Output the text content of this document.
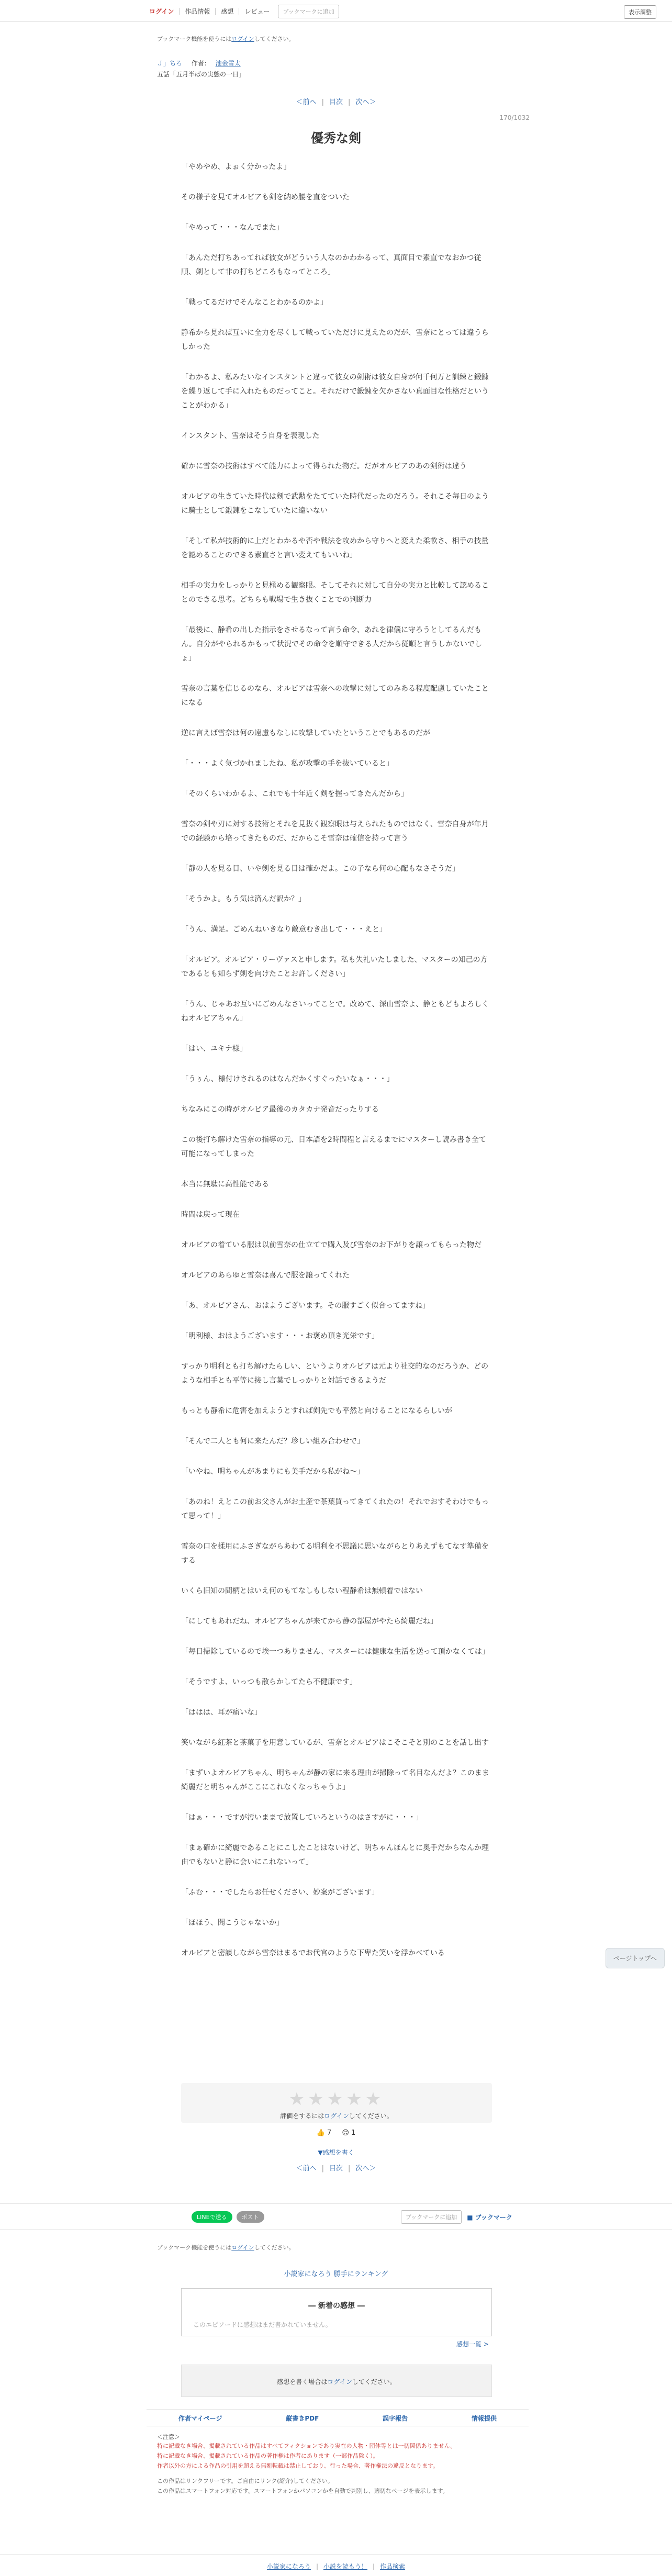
ログイン	作品情報	感想	レビュー	ブックマークに追加	表示調整
ブックマーク機能を使うにはログインしてください。
Ｊ」ちろ 作者： 池金雪太
五話「五月半ばの実態の一日」
＜前へ | 目次 | 次へ＞
170/1032
優秀な剣

「やめやめ、よぉく分かったよ」

その様子を見てオルビアも剣を納め腰を直をついた

「やめって・・・なんでまた」

「あんただ打ちあってれば彼女がどういう人なのかわかるって、真面目で素直でなおかつ従順、剣として非の打ちどころもなってところ」

「戦ってるだけでそんなことわかるのかよ」

静希から見れば互いに全力を尽くして戦っていただけに見えたのだが、雪奈にとっては違うらしかった

「わかるよ、私みたいなインスタントと違って彼女の剣術は彼女自身が何千何万と訓練と鍛錬を繰り返して手に入れたものだってこと。それだけで鍛錬を欠かさない真面目な性格だということがわかる」

インスタント、雪奈はそう自身を表現した

確かに雪奈の技術はすべて能力によって得られた物だ。だがオルビアのあの剣術は違う

オルビアの生きていた時代は剣で武勲をたてていた時代だったのだろう。それこそ毎日のように騎士として鍛錬をこなしていたに違いない

「そして私が技術的に上だとわかるや否や戦法を攻めから守りへと変えた柔軟さ、相手の技量を認めることのできる素直さと言い変えてもいいね」

相手の実力をしっかりと見極める観察眼。そしてそれに対して自分の実力と比較して認めることのできる思考。どちらも戦場で生き抜くことでの判断力

「最後に、静希の出した指示をさせるなって言う命令、あれを律儀に守ろうとしてるんだもん。自分がやられるかもって状況でその命令を順守できる人だから従順と言うしかないでしょ」

雪奈の言葉を信じるのなら、オルビアは雪奈への攻撃に対してのみある程度配慮していたことになる

逆に言えば雪奈は何の遠慮もなしに攻撃していたということでもあるのだが

「・・・よく気づかれましたね、私が攻撃の手を抜いていると」

「そのくらいわかるよ、これでも十年近く剣を握ってきたんだから」

雪奈の剣や刃に対する技術とそれを見抜く観察眼は与えられたものではなく、雪奈自身が年月での経験から培ってきたものだ、だからこそ雪奈は確信を持って言う

「静の人を見る目、いや剣を見る目は確かだよ。この子なら何の心配もなさそうだ」

「そうかよ。もう気は済んだ訳か？」

「うん、満足。ごめんねいきなり敵意むき出して・・・えと」

「オルビア。オルビア・リーヴァスと申します。私も失礼いたしました、マスターの知己の方であるとも知らず剣を向けたことお許しください」

「うん、じゃあお互いにごめんなさいってことで。改めて、深山雪奈よ、静ともどもよろしくねオルビアちゃん」

「はい、ユキナ様」

「うぅん、様付けされるのはなんだかくすぐったいなぁ・・・」

ちなみにこの時がオルビア最後のカタカナ発音だったりする

この後打ち解けた雪奈の指導の元、日本語を2時間程と言えるまでにマスターし読み書き全て可能になってしまった

本当に無駄に高性能である

時間は戻って現在

オルビアの着ている服は以前雪奈の仕立てで購入及び雪奈のお下がりを譲ってもらった物だ

オルビアのあらゆと雪奈は喜んで服を譲ってくれた

「あ、オルビアさん、おはようございます。その服すごく似合ってますね」

「明利様、おはようございます・・・お褒め頂き光栄です」

すっかり明利とも打ち解けたらしい、というよりオルビアは元より社交的なのだろうか、どのような相手とも平等に接し言葉でしっかりと対話できるようだ

もっとも静希に危害を加えようとすれば剣先でも平然と向けることになるらしいが

「そんで二人とも何に来たんだ？珍しい組み合わせで」

「いやね、明ちゃんがあまりにも美手だから私がね〜」

「あのね！えとこの前お父さんがお土産で茶葉買ってきてくれたの！それでおすそわけでもって思って！」

雪奈の口を揉用にふさぎながらあわてる明利を不思議に思いながらとりあえずもてなす準備をする

いくら旧知の間柄とはいえ何のもてなしもしない程静希は無頓着ではない

「にしてもあれだね、オルビアちゃんが来てから静の部屋がやたら綺麗だね」

「毎日掃除しているので埃一つありません、マスターには健康な生活を送って頂かなくては」

「そうですよ、いっつも散らかしてたら不健康です」

「ははは、耳が痛いな」

笑いながら紅茶と茶菓子を用意しているが、雪奈とオルビアはこそこそと別のことを話し出す

「まずいよオルビアちゃん、明ちゃんが静の家に来る理由が掃除って名目なんだよ？このまま綺麗だと明ちゃんがここにこれなくなっちゃうよ」

「はぁ・・・ですが汚いままで放置していろというのはさすがに・・・」

「まぁ確かに綺麗であることにこしたことはないけど、明ちゃんほんとに奥手だからなんか理由でもないと静に会いにこれないって」

「ふむ・・・でしたらお任せください、妙案がございます」

「ほほう、聞こうじゃないか」

オルビアと密談しながら雪奈はまるでお代官のような下卑た笑いを浮かべている

ページトップへ
★★★★★
評価をするにはログインしてください。
👍 7 😊 1
▼感想を書く
＜前へ | 目次 | 次へ＞
LINEで送る	ポスト	ブックマークに追加	■ ブックマーク
ブックマーク機能を使うにはログインしてください。
小説家になろう 勝手にランキング
― 新着の感想 ―
このエピソードに感想はまだ書かれていません。
感想一覧 >
感想を書く場合はログインしてください。
作者マイページ	縦書きPDF	誤字報告	情報提供
＜注意＞
特に記載なき場合、掲載されている作品はすべてフィクションであり実在の人物・団体等とは一切関係ありません。
特に記載なき場合、掲載されている作品の著作権は作者にあります（一部作品除く）。
作者以外の方による作品の引用を超える無断転載は禁止しており、行った場合、著作権法の違反となります。
この作品はリンクフリーです。ご自由にリンク(紹介)してください。
この作品はスマートフォン対応です。スマートフォンかパソコンかを自動で判別し、適切なページを表示します。
小説家になろう | 小説を読もう！ | 作品検索
